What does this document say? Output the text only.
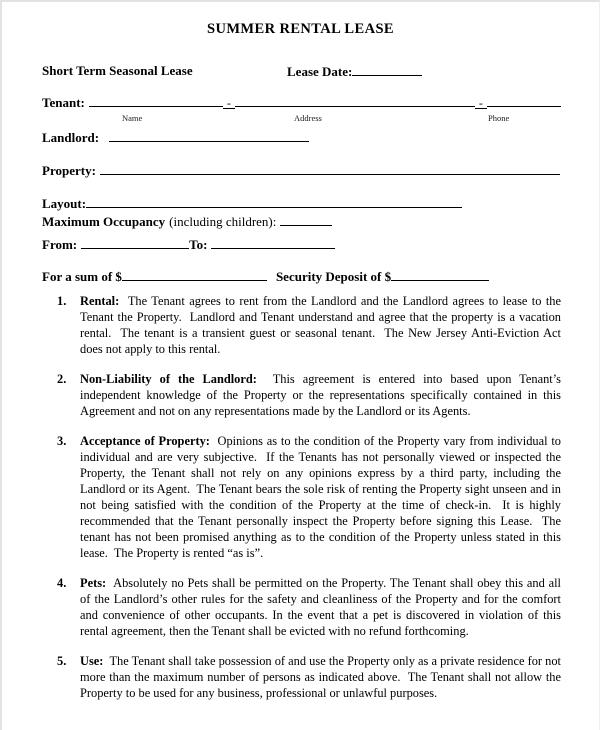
SUMMER RENTAL LEASE
Short Term Seasonal Lease	Lease Date:
Tenant:	-	-
Name	Address	Phone
Landlord:
Property:
Layout:
Maximum Occupancy (including children):
From:	To:
For a sum of $	Security Deposit of $
1. Rental:  The Tenant agrees to rent from the Landlord and the Landlord agrees to lease to the Tenant the Property.  Landlord and Tenant understand and agree that the property is a vacation rental.  The tenant is a transient guest or seasonal tenant.  The New Jersey Anti-Eviction Act does not apply to this rental.
2. Non-Liability of the Landlord:  This agreement is entered into based upon Tenant’s independent knowledge of the Property or the representations specifically contained in this Agreement and not on any representations made by the Landlord or its Agents.
3. Acceptance of Property:  Opinions as to the condition of the Property vary from individual to individual and are very subjective.  If the Tenants has not personally viewed or inspected the Property, the Tenant shall not rely on any opinions express by a third party, including the Landlord or its Agent.  The Tenant bears the sole risk of renting the Property sight unseen and in not being satisfied with the condition of the Property at the time of check-in.  It is highly recommended that the Tenant personally inspect the Property before signing this Lease.  The tenant has not been promised anything as to the condition of the Property unless stated in this lease.  The Property is rented “as is”.
4. Pets:  Absolutely no Pets shall be permitted on the Property. The Tenant shall obey this and all of the Landlord’s other rules for the safety and cleanliness of the Property and for the comfort and convenience of other occupants. In the event that a pet is discovered in violation of this rental agreement, then the Tenant shall be evicted with no refund forthcoming.
5. Use:  The Tenant shall take possession of and use the Property only as a private residence for not more than the maximum number of persons as indicated above.  The Tenant shall not allow the Property to be used for any business, professional or unlawful purposes.
